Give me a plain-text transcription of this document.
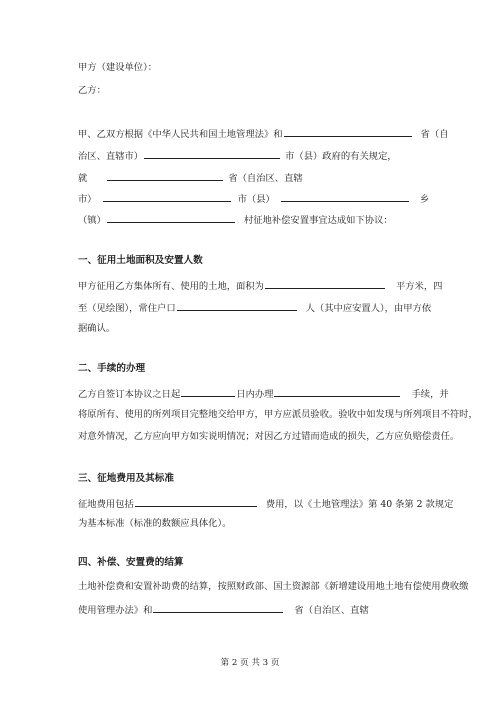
甲方（建设单位）：
乙方：
甲、乙双方根据《中华人民共和国土地管理法》和	省（自
治区、直辖市）	市（县）政府的有关规定，
就	省（自治区、直辖
市）	市（县）	乡
（镇）	村征地补偿安置事宜达成如下协议：
一、征用土地面积及安置人数
甲方征用乙方集体所有、使用的土地，面积为	平方米，四
至（见绘图），常住户口	人（其中应安置人），由甲方依
据确认。
二、手续的办理
乙方自签订本协议之日起	日内办理	手续，并
将原所有、使用的所列项目完整地交给甲方，甲方应派员验收。验收中如发现与所列项目不符时，
对意外情况，乙方应向甲方如实说明情况；对因乙方过错而造成的损失，乙方应负赔偿责任。
三、征地费用及其标准
征地费用包括	费用，以《土地管理法》第 40 条第 2 款规定
为基本标准（标准的数额应具体化）。
四、补偿、安置费的结算
土地补偿费和安置补助费的结算，按照财政部、国土资源部《新增建设用地土地有偿使用费收缴
使用管理办法》和	省（自治区、直辖
第 2 页 共 3 页
